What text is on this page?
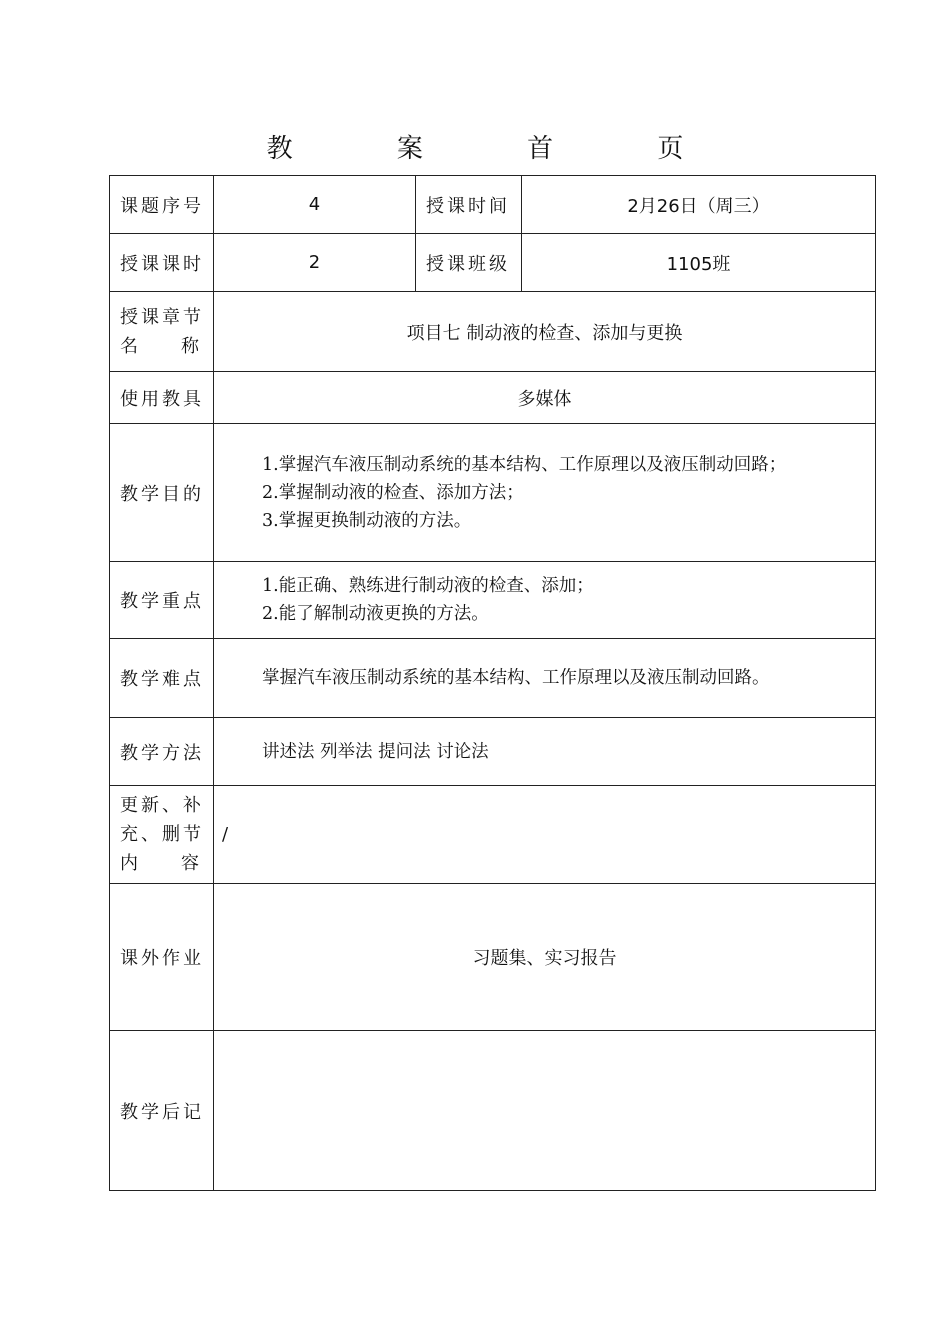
教 案 首 页
课题序号	4	授课时间	2月26日（周三）
授课课时	2	授课班级	1105班

授课章节
名 称	项目七 制动液的检查、添加与更换		
使用教具	多媒体		
教学目的	1.掌握汽车液压制动系统的基本结构、工作原理以及液压制动回路；
2.掌握制动液的检查、添加方法；
3.掌握更换制动液的方法。		

教学重点	1.能正确、熟练进行制动液的检查、添加；
2.能了解制动液更换的方法。		

教学难点	掌握汽车液压制动系统的基本结构、工作原理以及液压制动回路。		
教学方法	讲述法 列举法 提问法 讨论法		

更新、补
充、删节
内 容	/		
课外作业	习题集、实习报告		
教学后记			
